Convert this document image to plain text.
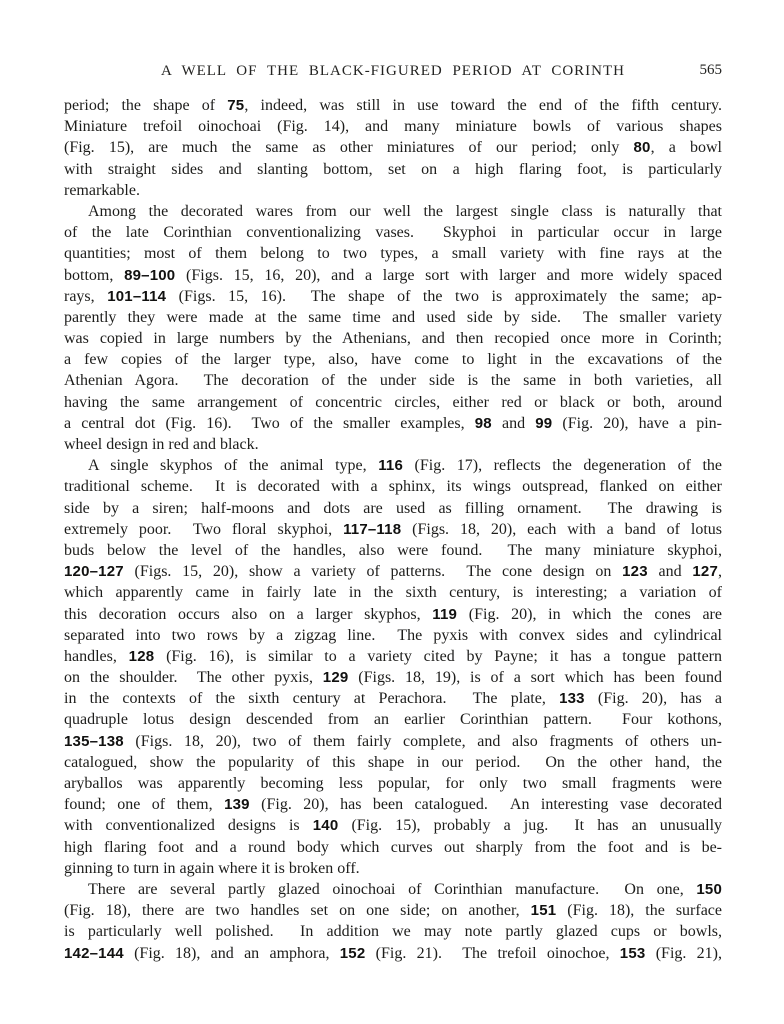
A WELL OF THE BLACK-FIGURED PERIOD AT CORINTH	565
period; the shape of 75, indeed, was still in use toward the end of the fifth century.
Miniature trefoil oinochoai (Fig. 14), and many miniature bowls of various shapes
(Fig. 15), are much the same as other miniatures of our period; only 80, a bowl
with straight sides and slanting bottom, set on a high flaring foot, is particularly
remarkable.
Among the decorated wares from our well the largest single class is naturally that
of the late Corinthian conventionalizing vases.  Skyphoi in particular occur in large
quantities; most of them belong to two types, a small variety with fine rays at the
bottom, 89–100 (Figs. 15, 16, 20), and a large sort with larger and more widely spaced
rays, 101–114 (Figs. 15, 16).  The shape of the two is approximately the same; ap-
parently they were made at the same time and used side by side.  The smaller variety
was copied in large numbers by the Athenians, and then recopied once more in Corinth;
a few copies of the larger type, also, have come to light in the excavations of the
Athenian Agora.  The decoration of the under side is the same in both varieties, all
having the same arrangement of concentric circles, either red or black or both, around
a central dot (Fig. 16).  Two of the smaller examples, 98 and 99 (Fig. 20), have a pin-
wheel design in red and black.
A single skyphos of the animal type, 116 (Fig. 17), reflects the degeneration of the
traditional scheme.  It is decorated with a sphinx, its wings outspread, flanked on either
side by a siren; half-moons and dots are used as filling ornament.  The drawing is
extremely poor.  Two floral skyphoi, 117–118 (Figs. 18, 20), each with a band of lotus
buds below the level of the handles, also were found.  The many miniature skyphoi,
120–127 (Figs. 15, 20), show a variety of patterns.  The cone design on 123 and 127,
which apparently came in fairly late in the sixth century, is interesting; a variation of
this decoration occurs also on a larger skyphos, 119 (Fig. 20), in which the cones are
separated into two rows by a zigzag line.  The pyxis with convex sides and cylindrical
handles, 128 (Fig. 16), is similar to a variety cited by Payne; it has a tongue pattern
on the shoulder.  The other pyxis, 129 (Figs. 18, 19), is of a sort which has been found
in the contexts of the sixth century at Perachora.  The plate, 133 (Fig. 20), has a
quadruple lotus design descended from an earlier Corinthian pattern.  Four kothons,
135–138 (Figs. 18, 20), two of them fairly complete, and also fragments of others un-
catalogued, show the popularity of this shape in our period.  On the other hand, the
aryballos was apparently becoming less popular, for only two small fragments were
found; one of them, 139 (Fig. 20), has been catalogued.  An interesting vase decorated
with conventionalized designs is 140 (Fig. 15), probably a jug.  It has an unusually
high flaring foot and a round body which curves out sharply from the foot and is be-
ginning to turn in again where it is broken off.
There are several partly glazed oinochoai of Corinthian manufacture.  On one, 150
(Fig. 18), there are two handles set on one side; on another, 151 (Fig. 18), the surface
is particularly well polished.  In addition we may note partly glazed cups or bowls,
142–144 (Fig. 18), and an amphora, 152 (Fig. 21).  The trefoil oinochoe, 153 (Fig. 21),
